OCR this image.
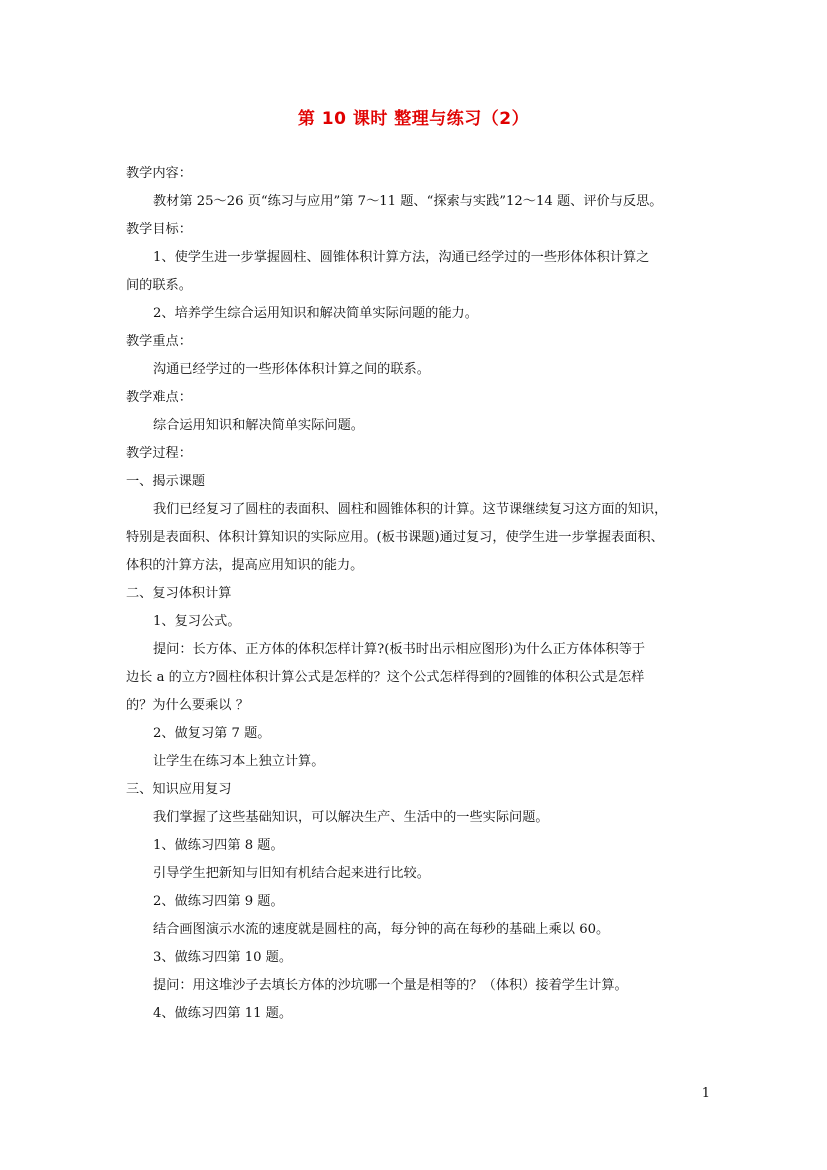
第 10 课时 整理与练习（2）
教学内容：
教材第 25～26 页“练习与应用”第 7～11 题、“探索与实践”12～14 题、评价与反思。
教学目标：
1、使学生进一步掌握圆柱、圆锥体积计算方法，沟通已经学过的一些形体体积计算之
间的联系。
2、培养学生综合运用知识和解决简单实际问题的能力。
教学重点：
沟通已经学过的一些形体体积计算之间的联系。
教学难点：
综合运用知识和解决简单实际问题。
教学过程：
一、揭示课题
我们已经复习了圆柱的表面积、圆柱和圆锥体积的计算。这节课继续复习这方面的知识，
特别是表面积、体积计算知识的实际应用。(板书课题)通过复习，使学生进一步掌握表面积、
体积的汁算方法，提高应用知识的能力。
二、复习体积计算
1、复习公式。
提问：长方体、正方体的体积怎样计算?(板书时出示相应图形)为什么正方体体积等于
边长 a 的立方?圆柱体积计算公式是怎样的？这个公式怎样得到的?圆锥的体积公式是怎样
的？为什么要乘以 ？
2、做复习第 7 题。
让学生在练习本上独立计算。
三、知识应用复习
我们掌握了这些基础知识，可以解决生产、生活中的一些实际问题。
1、做练习四第 8 题。
引导学生把新知与旧知有机结合起来进行比较。
2、做练习四第 9 题。
结合画图演示水流的速度就是圆柱的高，每分钟的高在每秒的基础上乘以 60。
3、做练习四第 10 题。
提问：用这堆沙子去填长方体的沙坑哪一个量是相等的？（体积）接着学生计算。
4、做练习四第 11 题。
1
